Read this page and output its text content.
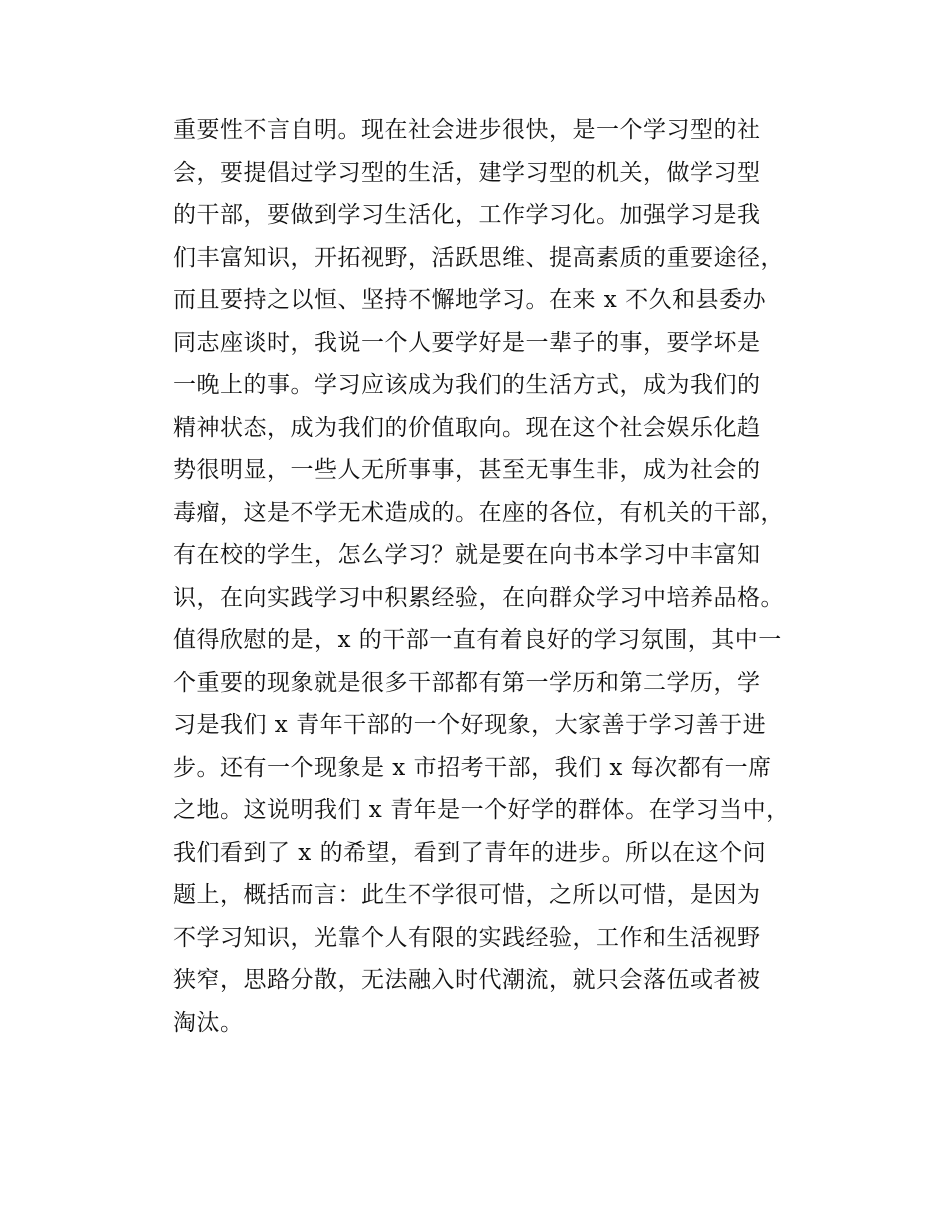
重要性不言自明。现在社会进步很快，是一个学习型的社
会，要提倡过学习型的生活，建学习型的机关，做学习型
的干部，要做到学习生活化，工作学习化。加强学习是我
们丰富知识，开拓视野，活跃思维、提高素质的重要途径，
而且要持之以恒、坚持不懈地学习。在来 x 不久和县委办
同志座谈时，我说一个人要学好是一辈子的事，要学坏是
一晚上的事。学习应该成为我们的生活方式，成为我们的
精神状态，成为我们的价值取向。现在这个社会娱乐化趋
势很明显，一些人无所事事，甚至无事生非，成为社会的
毒瘤，这是不学无术造成的。在座的各位，有机关的干部，
有在校的学生，怎么学习？就是要在向书本学习中丰富知
识，在向实践学习中积累经验，在向群众学习中培养品格。
值得欣慰的是，x 的干部一直有着良好的学习氛围，其中一
个重要的现象就是很多干部都有第一学历和第二学历，学
习是我们 x 青年干部的一个好现象，大家善于学习善于进
步。还有一个现象是 x 市招考干部，我们 x 每次都有一席
之地。这说明我们 x 青年是一个好学的群体。在学习当中，
我们看到了 x 的希望，看到了青年的进步。所以在这个问
题上，概括而言：此生不学很可惜，之所以可惜，是因为
不学习知识，光靠个人有限的实践经验，工作和生活视野
狭窄，思路分散，无法融入时代潮流，就只会落伍或者被
淘汰。
